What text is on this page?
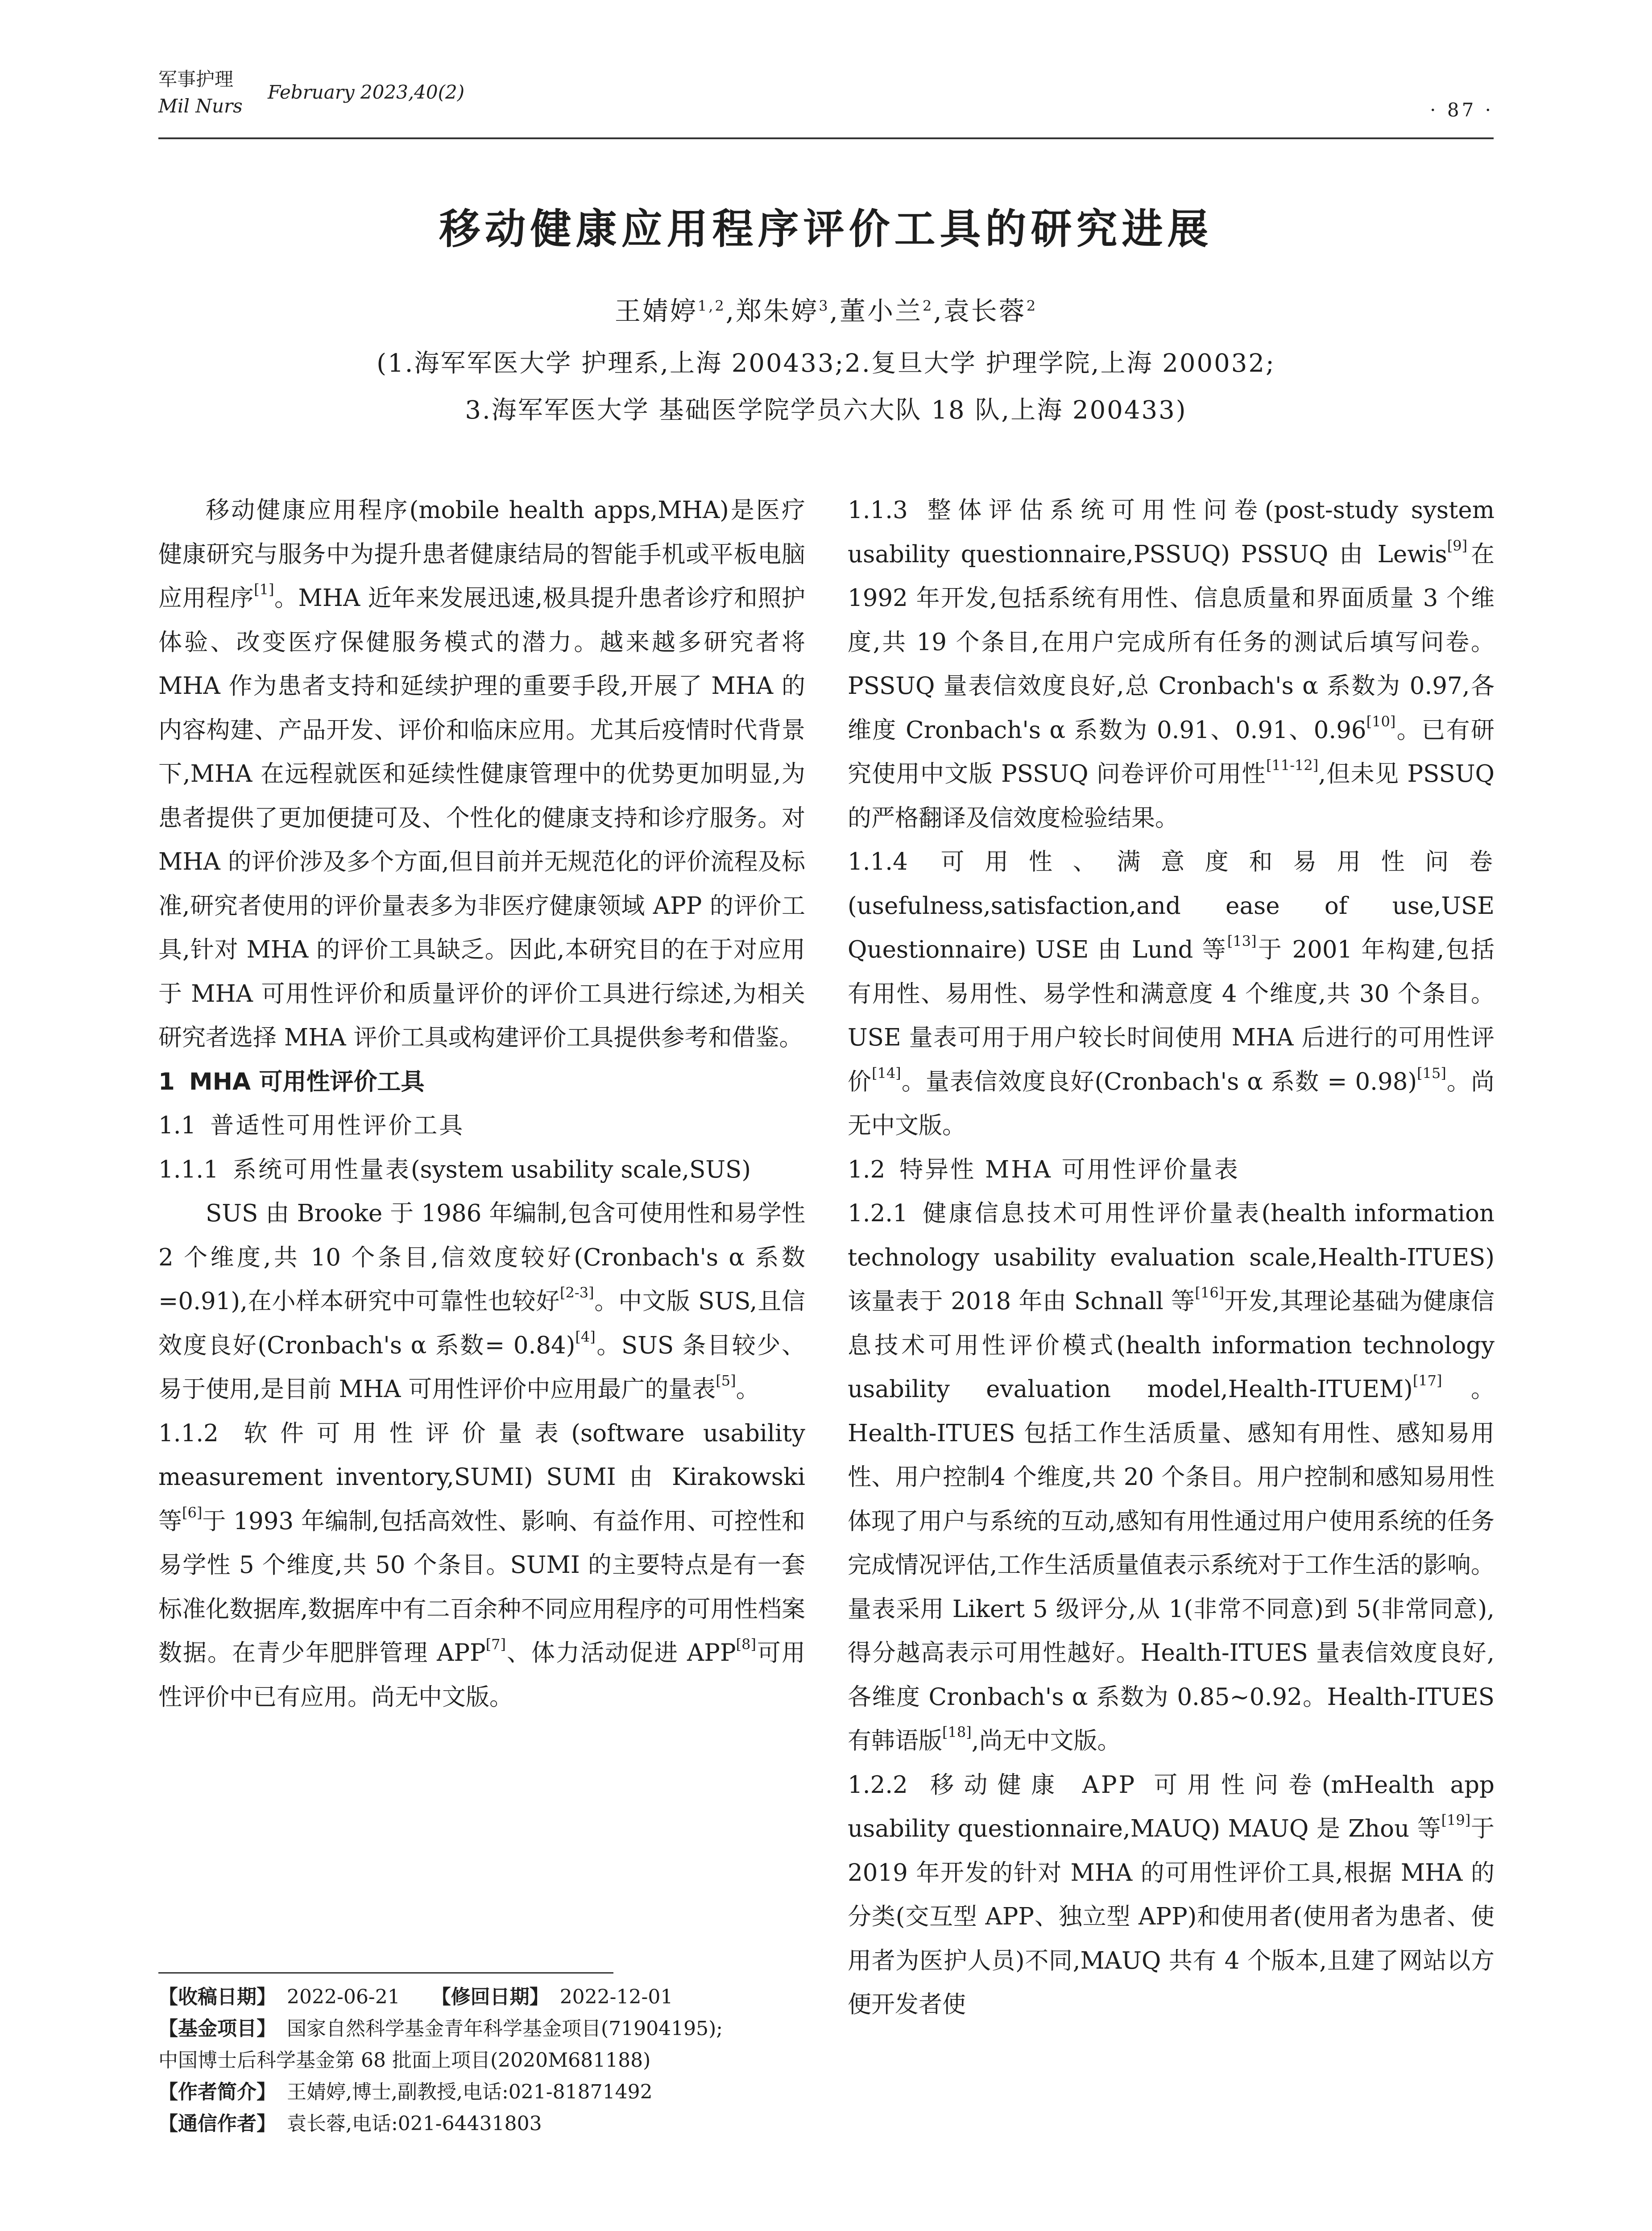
军事护理
Mil Nurs
February 2023,40(2)
· 87 ·
移动健康应用程序评价工具的研究进展
王婧婷$^{1,2}$,郑朱婷$^3$,董小兰$^2$,袁长蓉$^2$
(1.海军军医大学 护理系,上海 200433;2.复旦大学 护理学院,上海 200032;
3.海军军医大学 基础医学院学员六大队 18 队,上海 200433)

移动健康应用程序(mobile health apps,MHA)是医疗健康研究与服务中为提升患者健康结局的智能手机或平板电脑应用程序[1]。MHA 近年来发展迅速,极具提升患者诊疗和照护体验、改变医疗保健服务模式的潜力。越来越多研究者将 MHA 作为患者支持和延续护理的重要手段,开展了 MHA 的内容构建、产品开发、评价和临床应用。尤其后疫情时代背景下,MHA 在远程就医和延续性健康管理中的优势更加明显,为患者提供了更加便捷可及、个性化的健康支持和诊疗服务。对 MHA 的评价涉及多个方面,但目前并无规范化的评价流程及标准,研究者使用的评价量表多为非医疗健康领域 APP 的评价工具,针对 MHA 的评价工具缺乏。因此,本研究目的在于对应用于 MHA 可用性评价和质量评价的评价工具进行综述,为相关研究者选择 MHA 评价工具或构建评价工具提供参考和借鉴。

1 MHA 可用性评价工具
1.1 普适性可用性评价工具
1.1.1 系统可用性量表(system usability scale,SUS)

SUS 由 Brooke 于 1986 年编制,包含可使用性和易学性 2 个维度,共 10 个条目,信效度较好(Cronbach's α 系数=0.91),在小样本研究中可靠性也较好[2-3]。中文版 SUS,且信效度良好(Cronbach's α 系数= 0.84)[4]。SUS 条目较少、易于使用,是目前 MHA 可用性评价中应用最广的量表[5]。

1.1.2 软件可用性评价量表(software usability measurement inventory,SUMI) SUMI 由 Kirakowski 等[6]于 1993 年编制,包括高效性、影响、有益作用、可控性和易学性 5 个维度,共 50 个条目。SUMI 的主要特点是有一套标准化数据库,数据库中有二百余种不同应用程序的可用性档案数据。在青少年肥胖管理 APP[7]、体力活动促进 APP[8]可用性评价中已有应用。尚无中文版。

1.1.3 整体评估系统可用性问卷(post-study system usability questionnaire,PSSUQ) PSSUQ 由 Lewis[9]在 1992 年开发,包括系统有用性、信息质量和界面质量 3 个维度,共 19 个条目,在用户完成所有任务的测试后填写问卷。PSSUQ 量表信效度良好,总 Cronbach's α 系数为 0.97,各维度 Cronbach's α 系数为 0.91、0.91、0.96[10]。已有研究使用中文版 PSSUQ 问卷评价可用性[11-12],但未见 PSSUQ 的严格翻译及信效度检验结果。

1.1.4 可用性、满意度和易用性问卷(usefulness,satisfaction,and ease of use,USE Questionnaire) USE 由 Lund 等[13]于 2001 年构建,包括有用性、易用性、易学性和满意度 4 个维度,共 30 个条目。USE 量表可用于用户较长时间使用 MHA 后进行的可用性评价[14]。量表信效度良好(Cronbach's α 系数 = 0.98)[15]。尚无中文版。

1.2 特异性 MHA 可用性评价量表

1.2.1 健康信息技术可用性评价量表(health information technology usability evaluation scale,Health-ITUES) 该量表于 2018 年由 Schnall 等[16]开发,其理论基础为健康信息技术可用性评价模式(health information technology usability evaluation model,Health-ITUEM)[17]。Health-ITUES 包括工作生活质量、感知有用性、感知易用性、用户控制4 个维度,共 20 个条目。用户控制和感知易用性体现了用户与系统的互动,感知有用性通过用户使用系统的任务完成情况评估,工作生活质量值表示系统对于工作生活的影响。量表采用 Likert 5 级评分,从 1(非常不同意)到 5(非常同意),得分越高表示可用性越好。Health-ITUES 量表信效度良好,各维度 Cronbach's α 系数为 0.85~0.92。Health-ITUES 有韩语版[18],尚无中文版。

1.2.2 移动健康 APP 可用性问卷(mHealth app usability questionnaire,MAUQ) MAUQ 是 Zhou 等[19]于 2019 年开发的针对 MHA 的可用性评价工具,根据 MHA 的分类(交互型 APP、独立型 APP)和使用者(使用者为患者、使用者为医护人员)不同,MAUQ 共有 4 个版本,且建了网站以方便开发者使

【收稿日期】 2022-06-21 【修回日期】 2022-12-01
【基金项目】 国家自然科学基金青年科学基金项目(71904195);
中国博士后科学基金第 68 批面上项目(2020M681188)
【作者简介】 王婧婷,博士,副教授,电话:021-81871492
【通信作者】 袁长蓉,电话:021-64431803
